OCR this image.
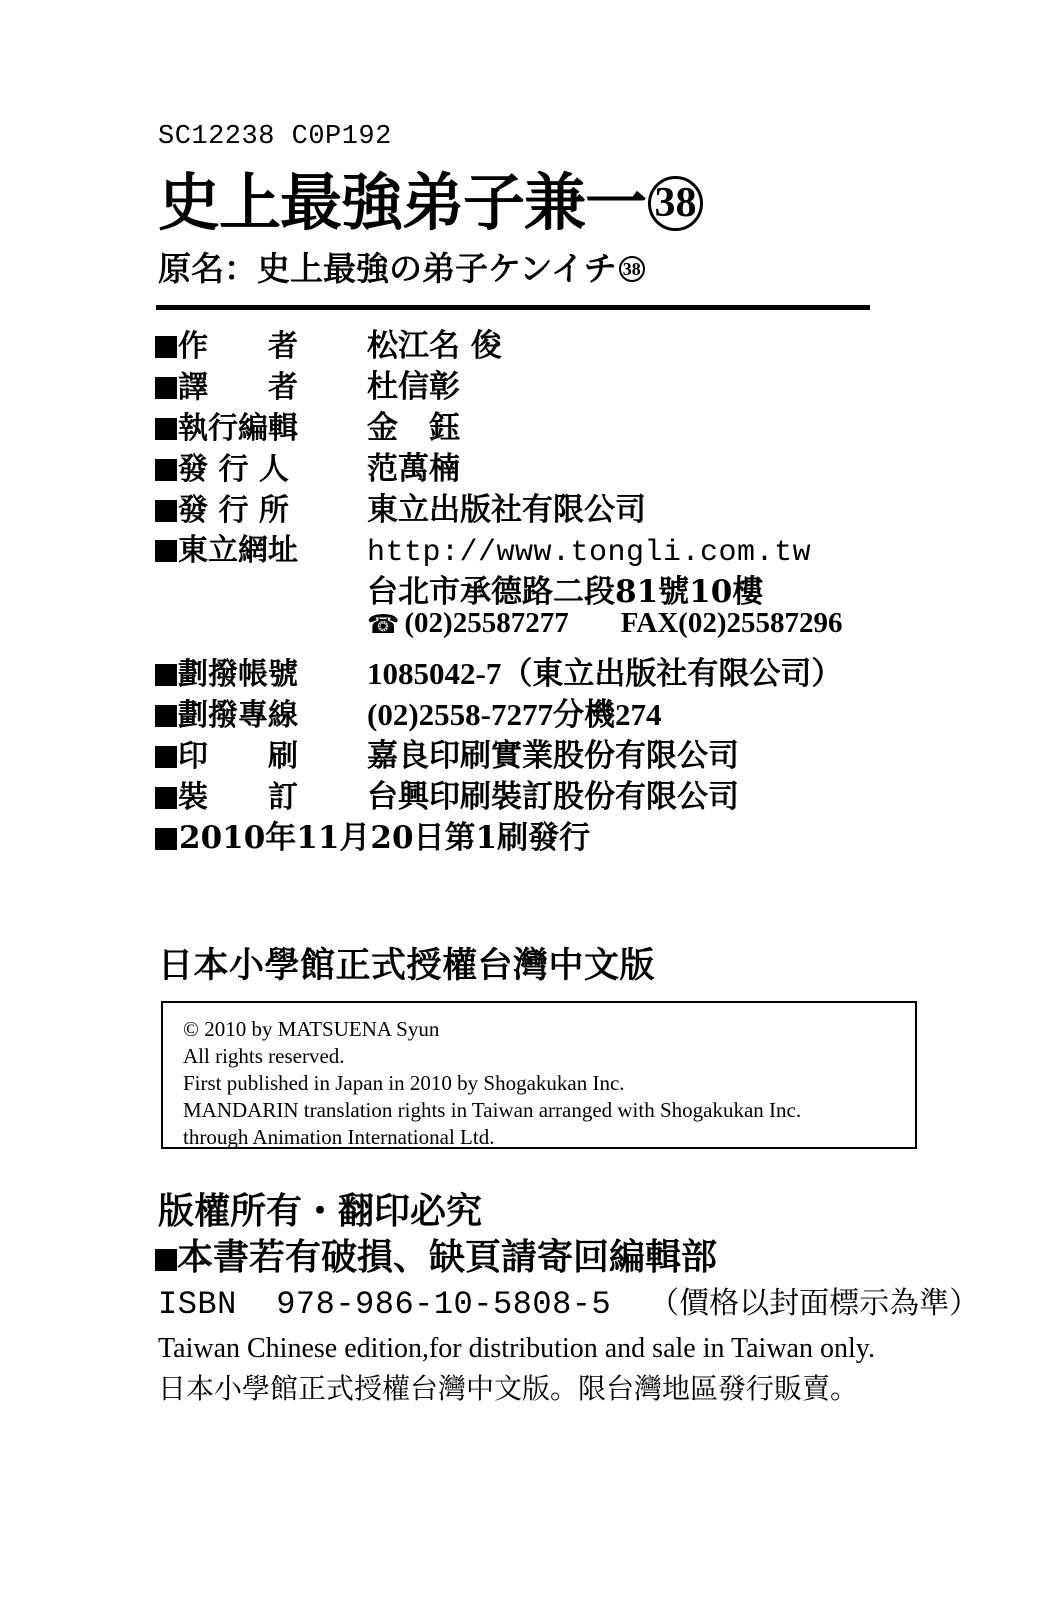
SC12238 C0P192
史上最強弟子兼一 38
原名：史上最強の弟子ケンイチ 38
作　　者	松江名 俊
譯　　者	杜信彰
執行編輯	金　鈺
發 行 人	范萬楠
發 行 所	東立出版社有限公司
東立網址	http://www.tongli.com.tw
台北市承德路二段81號10樓
☎ (02)25587277 FAX(02)25587296
劃撥帳號	1085042-7（東立出版社有限公司）
劃撥專線	(02)2558-7277分機274
印　　刷	嘉良印刷實業股份有限公司
裝　　訂	台興印刷裝訂股份有限公司
2010年11月20日第1刷發行
日本小學館正式授權台灣中文版

© 2010 by MATSUENA Syun

All rights reserved.

First published in Japan in 2010 by Shogakukan Inc.

MANDARIN translation rights in Taiwan arranged with Shogakukan Inc.

through Animation International Ltd.

版權所有・翻印必究
本書若有破損、缺頁請寄回編輯部
ISBN  978-986-10-5808-5	（價格以封面標示為準）
Taiwan Chinese edition,for distribution and sale in Taiwan only.
日本小學館正式授權台灣中文版。限台灣地區發行販賣。
